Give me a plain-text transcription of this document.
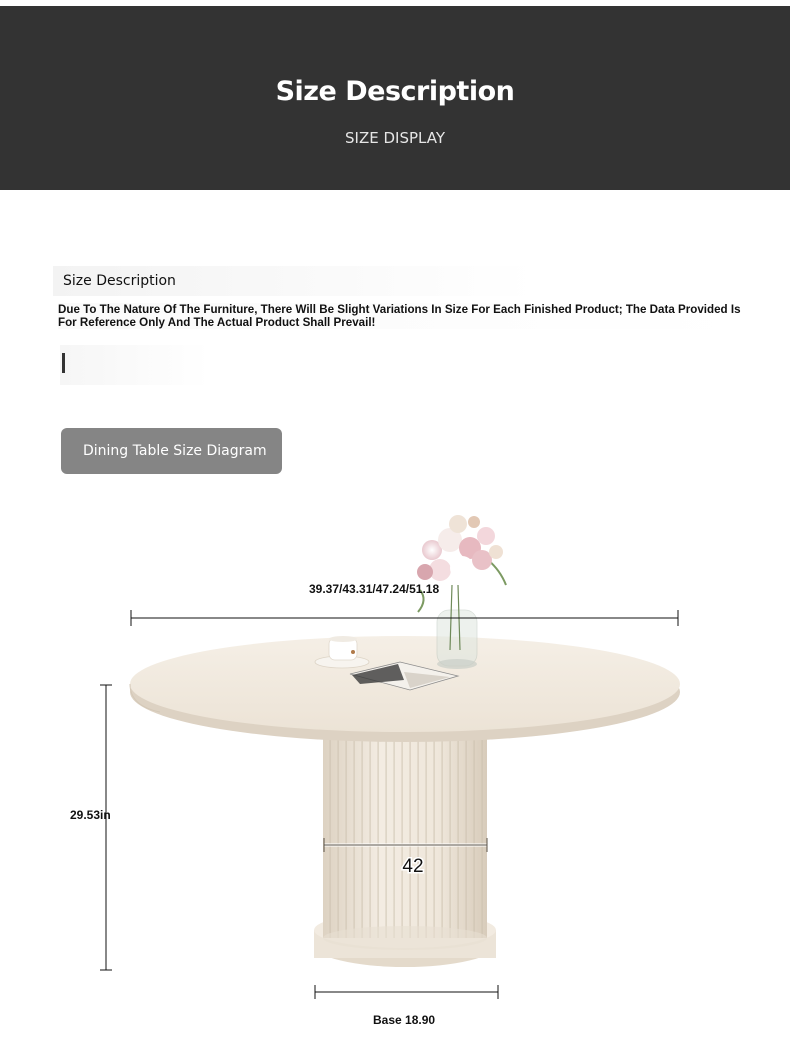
Size Description
SIZE DISPLAY
Size Description
Due To The Nature Of The Furniture, There Will Be Slight Variations In Size For Each Finished Product; The Data Provided Is For Reference Only And The Actual Product Shall Prevail!
Dining Table Size Diagram
42
39.37/43.31/47.24/51.18
29.53in
Base 18.90
